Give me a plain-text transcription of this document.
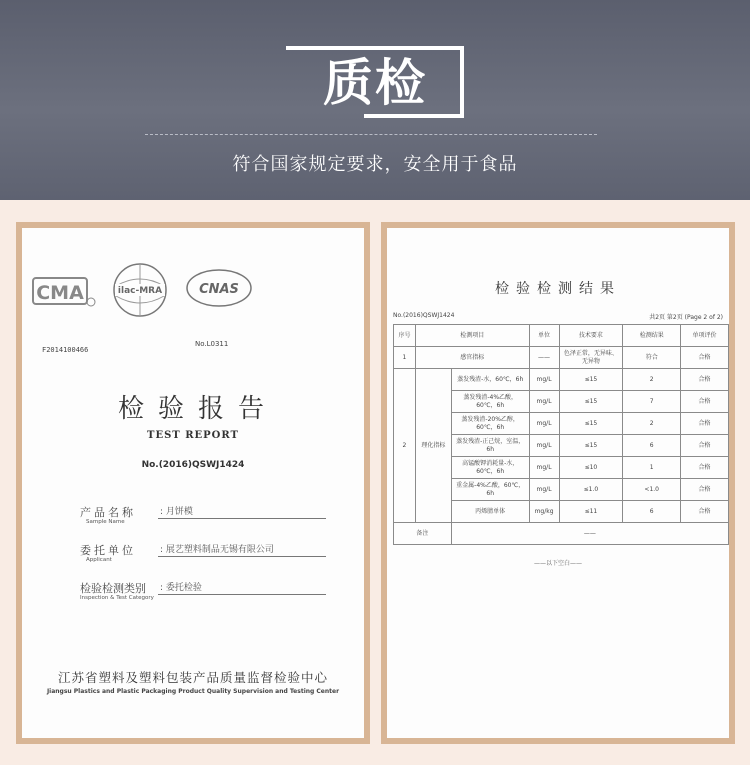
质检
符合国家规定要求，安全用于食品
CMA	ilac-MRA	CNAS
F2014100466
No.L0311
检验报告
TEST REPORT
No.(2016)QSWJ1424
产品名称
Sample Name
: 月饼模
委托单位
Applicant
: 展艺塑料制品无锡有限公司
检验检测类别
Inspection & Test Category
: 委托检验
江苏省塑料及塑料包装产品质量监督检验中心
Jiangsu Plastics and Plastic Packaging Product Quality Supervision and Testing Center
检验检测结果
No.(2016)QSWJ1424	共2页 第2页 (Page 2 of 2)
序号	检测项目		单位	技术要求	检测结果	单项评价
1	感官指标		——	色泽正常，无异味、无异物	符合	合格
2	理化指标	蒸发残渣-水，60℃，6h	mg/L	≤15	2	合格
		蒸发残渣-4%乙酸，60℃，6h	mg/L	≤15	7	合格
		蒸发残渣-20%乙醇，60℃，6h	mg/L	≤15	2	合格
		蒸发残渣-正己烷，室温，6h	mg/L	≤15	6	合格
		高锰酸钾消耗量-水，60℃，6h	mg/L	≤10	1	合格
		重金属-4%乙酸，60℃，6h	mg/L	≤1.0	<1.0	合格
		丙烯腈单体	mg/kg	≤11	6	合格
备注		——				
——以下空白——
